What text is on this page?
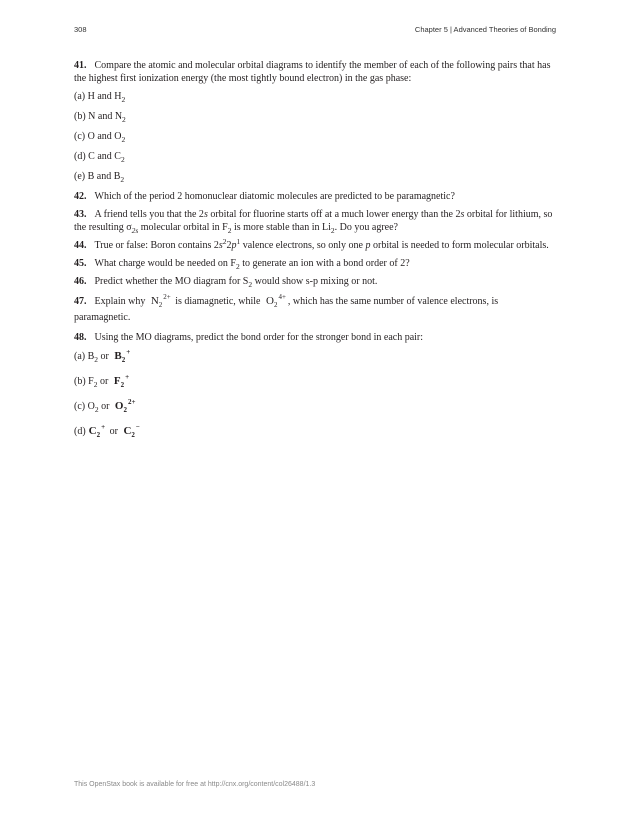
308	Chapter 5 | Advanced Theories of Bonding

41. Compare the atomic and molecular orbital diagrams to identify the member of each of the following pairs that has the highest first ionization energy (the most tightly bound electron) in the gas phase:

(a) H and $H_2$

(b) N and $N_2$

(c) O and $O_2$

(d) C and $C_2$

(e) B and $B_2$

42. Which of the period 2 homonuclear diatomic molecules are predicted to be paramagnetic?

43. A friend tells you that the 2s orbital for fluorine starts off at a much lower energy than the 2s orbital for lithium, so the resulting $\sigma_{2s}$ molecular orbital in $F_2$ is more stable than in $Li_2$. Do you agree?

44. True or false: Boron contains $2s^22p^1$ valence electrons, so only one p orbital is needed to form molecular orbitals.

45. What charge would be needed on $F_2$ to generate an ion with a bond order of 2?

46. Predict whether the MO diagram for $S_2$ would show s-p mixing or not.

47. Explain why $N_22+$ is diamagnetic, while $O_24+$ , which has the same number of valence electrons, is paramagnetic.

48. Using the MO diagrams, predict the bond order for the stronger bond in each pair:

(a) $B_2$ or $B_2+$

(b) $F_2$ or $F_2+$

(c) $O_2$ or $O_22+$

(d) $C_2+$ or $C_2-$

This OpenStax book is available for free at http://cnx.org/content/col26488/1.3
